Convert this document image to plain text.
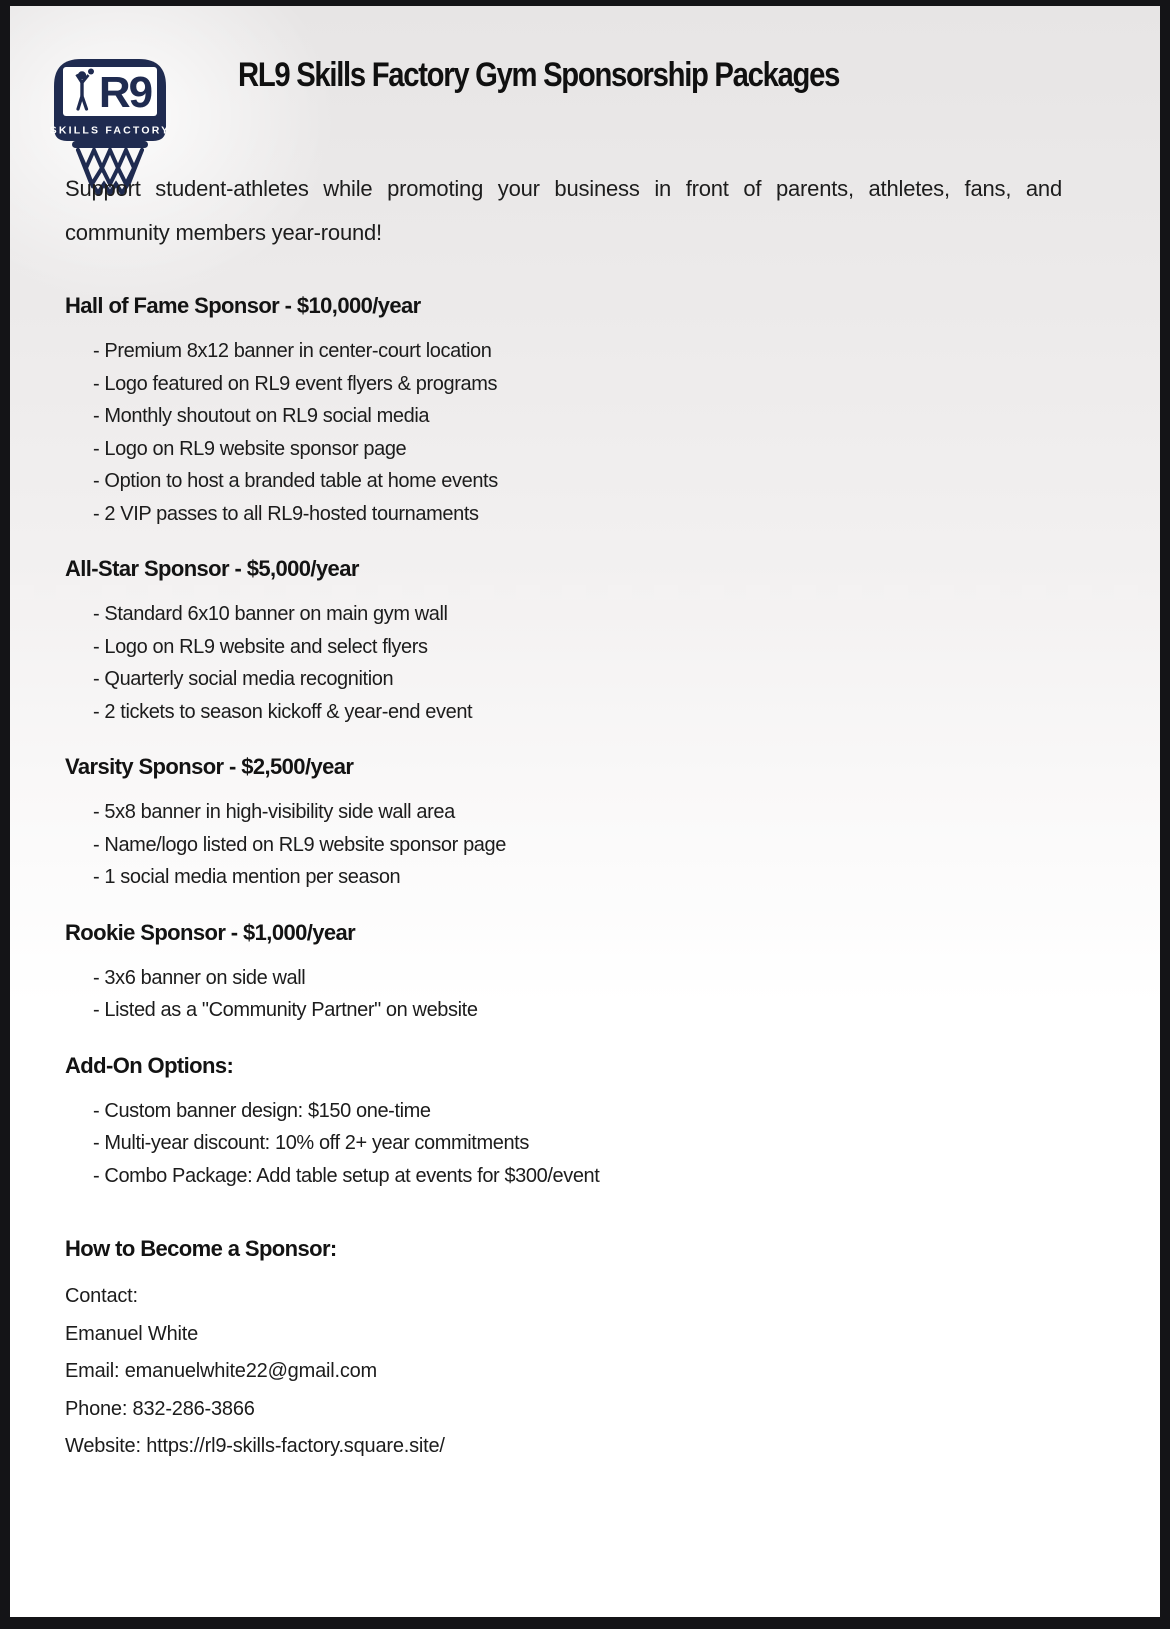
R9
SKILLS FACTORY
RL9 Skills Factory Gym Sponsorship Packages

Support student-athletes while promoting your business in front of parents, athletes, fans, and community members year-round!

Hall of Fame Sponsor - $10,000/year
- Premium 8x12 banner in center-court location
- Logo featured on RL9 event flyers & programs
- Monthly shoutout on RL9 social media
- Logo on RL9 website sponsor page
- Option to host a branded table at home events
- 2 VIP passes to all RL9-hosted tournaments
All-Star Sponsor - $5,000/year
- Standard 6x10 banner on main gym wall
- Logo on RL9 website and select flyers
- Quarterly social media recognition
- 2 tickets to season kickoff & year-end event
Varsity Sponsor - $2,500/year
- 5x8 banner in high-visibility side wall area
- Name/logo listed on RL9 website sponsor page
- 1 social media mention per season
Rookie Sponsor - $1,000/year
- 3x6 banner on side wall
- Listed as a "Community Partner" on website
Add-On Options:
- Custom banner design: $150 one-time
- Multi-year discount: 10% off 2+ year commitments
- Combo Package: Add table setup at events for $300/event
How to Become a Sponsor:

Contact:

Emanuel White

Email: emanuelwhite22@gmail.com

Phone: 832-286-3866

Website: https://rl9-skills-factory.square.site/
